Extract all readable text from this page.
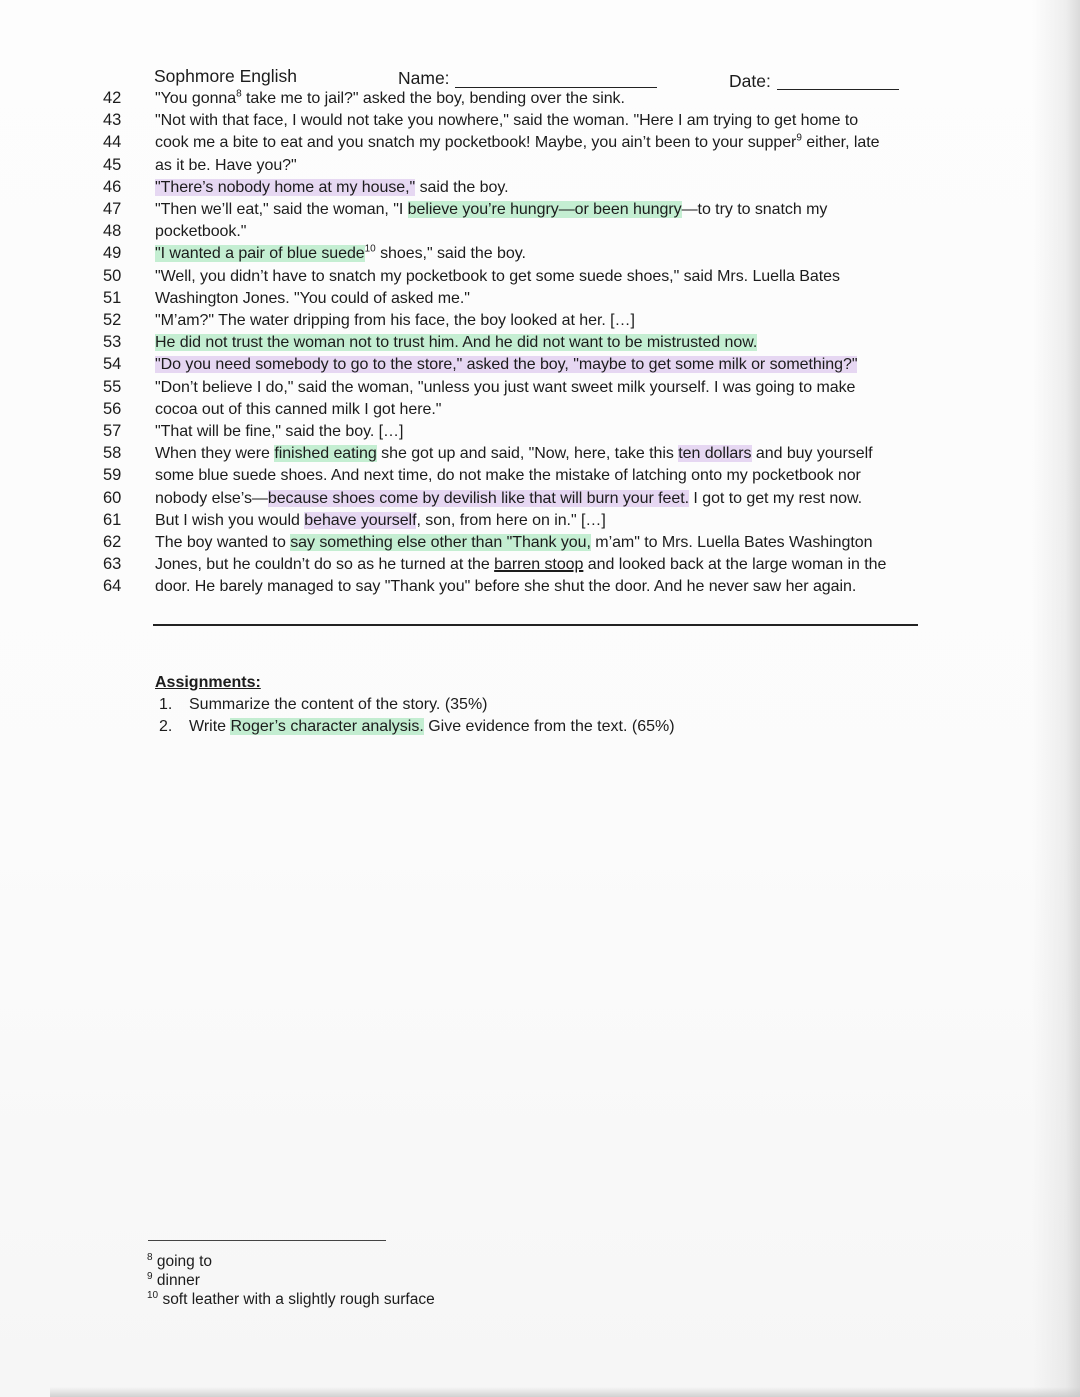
Sophmore English	Name:	Date:
42	"You gonna$^8$ take me to jail?" asked the boy, bending over the sink.
43	"Not with that face, I would not take you nowhere," said the woman. "Here I am trying to get home to
44	cook me a bite to eat and you snatch my pocketbook! Maybe, you ain’t been to your supper$^9$ either, late
45	as it be. Have you?"
46	"There’s nobody home at my house," said the boy.
47	"Then we’ll eat," said the woman, "I believe you’re hungry—or been hungry—to try to snatch my
48	pocketbook."
49	"I wanted a pair of blue suede$^{10}$ shoes," said the boy.
50	"Well, you didn’t have to snatch my pocketbook to get some suede shoes," said Mrs. Luella Bates
51	Washington Jones. "You could of asked me."
52	"M’am?" The water dripping from his face, the boy looked at her. […]
53	He did not trust the woman not to trust him. And he did not want to be mistrusted now.
54	"Do you need somebody to go to the store," asked the boy, "maybe to get some milk or something?"
55	"Don’t believe I do," said the woman, "unless you just want sweet milk yourself. I was going to make
56	cocoa out of this canned milk I got here."
57	"That will be fine," said the boy. […]
58	When they were finished eating she got up and said, "Now, here, take this ten dollars and buy yourself
59	some blue suede shoes. And next time, do not make the mistake of latching onto my pocketbook nor
60	nobody else’s—because shoes come by devilish like that will burn your feet. I got to get my rest now.
61	But I wish you would behave yourself, son, from here on in." […]
62	The boy wanted to say something else other than "Thank you, m’am" to Mrs. Luella Bates Washington
63	Jones, but he couldn’t do so as he turned at the barren stoop and looked back at the large woman in the
64	door. He barely managed to say "Thank you" before she shut the door. And he never saw her again.
Assignments:
1. Summarize the content of the story. (35%)
2. Write Roger’s character analysis. Give evidence from the text. (65%)
$^8$ going to
$^9$ dinner
$^{10}$ soft leather with a slightly rough surface
